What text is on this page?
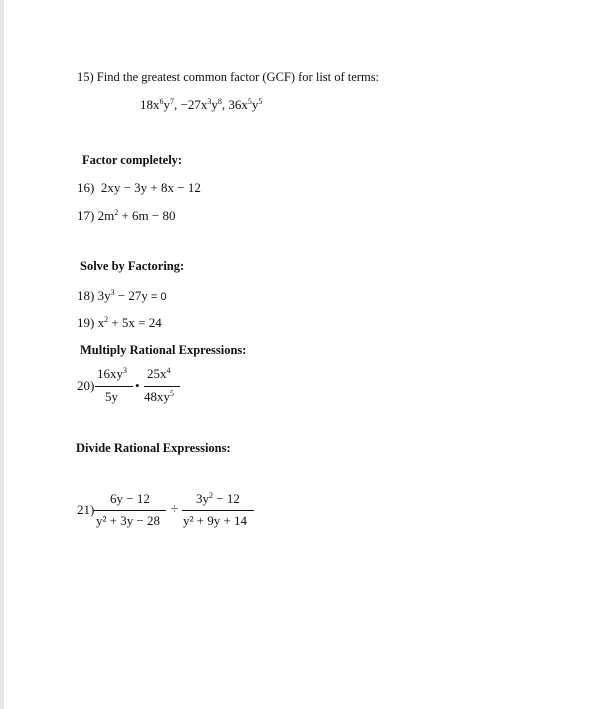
15) Find the greatest common factor (GCF) for list of terms:
$18x^6y^7$, $-27x^3y^8$, $36x^5y^5$
Factor completely:
16) 2xy − 3y + 8x − 12
17) $2m^2 + 6m - 80$
Solve by Factoring:
18) $3y^3 - 27y = 0$
19) $x^2 + 5x = 24$
Multiply Rational Expressions:
20)
$16xy^3$
5y
•
$25x^4$
$48xy^5$
Divide Rational Expressions:
21)
6y − 12
y² + 3y − 28
÷
$3y^2 - 12$
y² + 9y + 14
